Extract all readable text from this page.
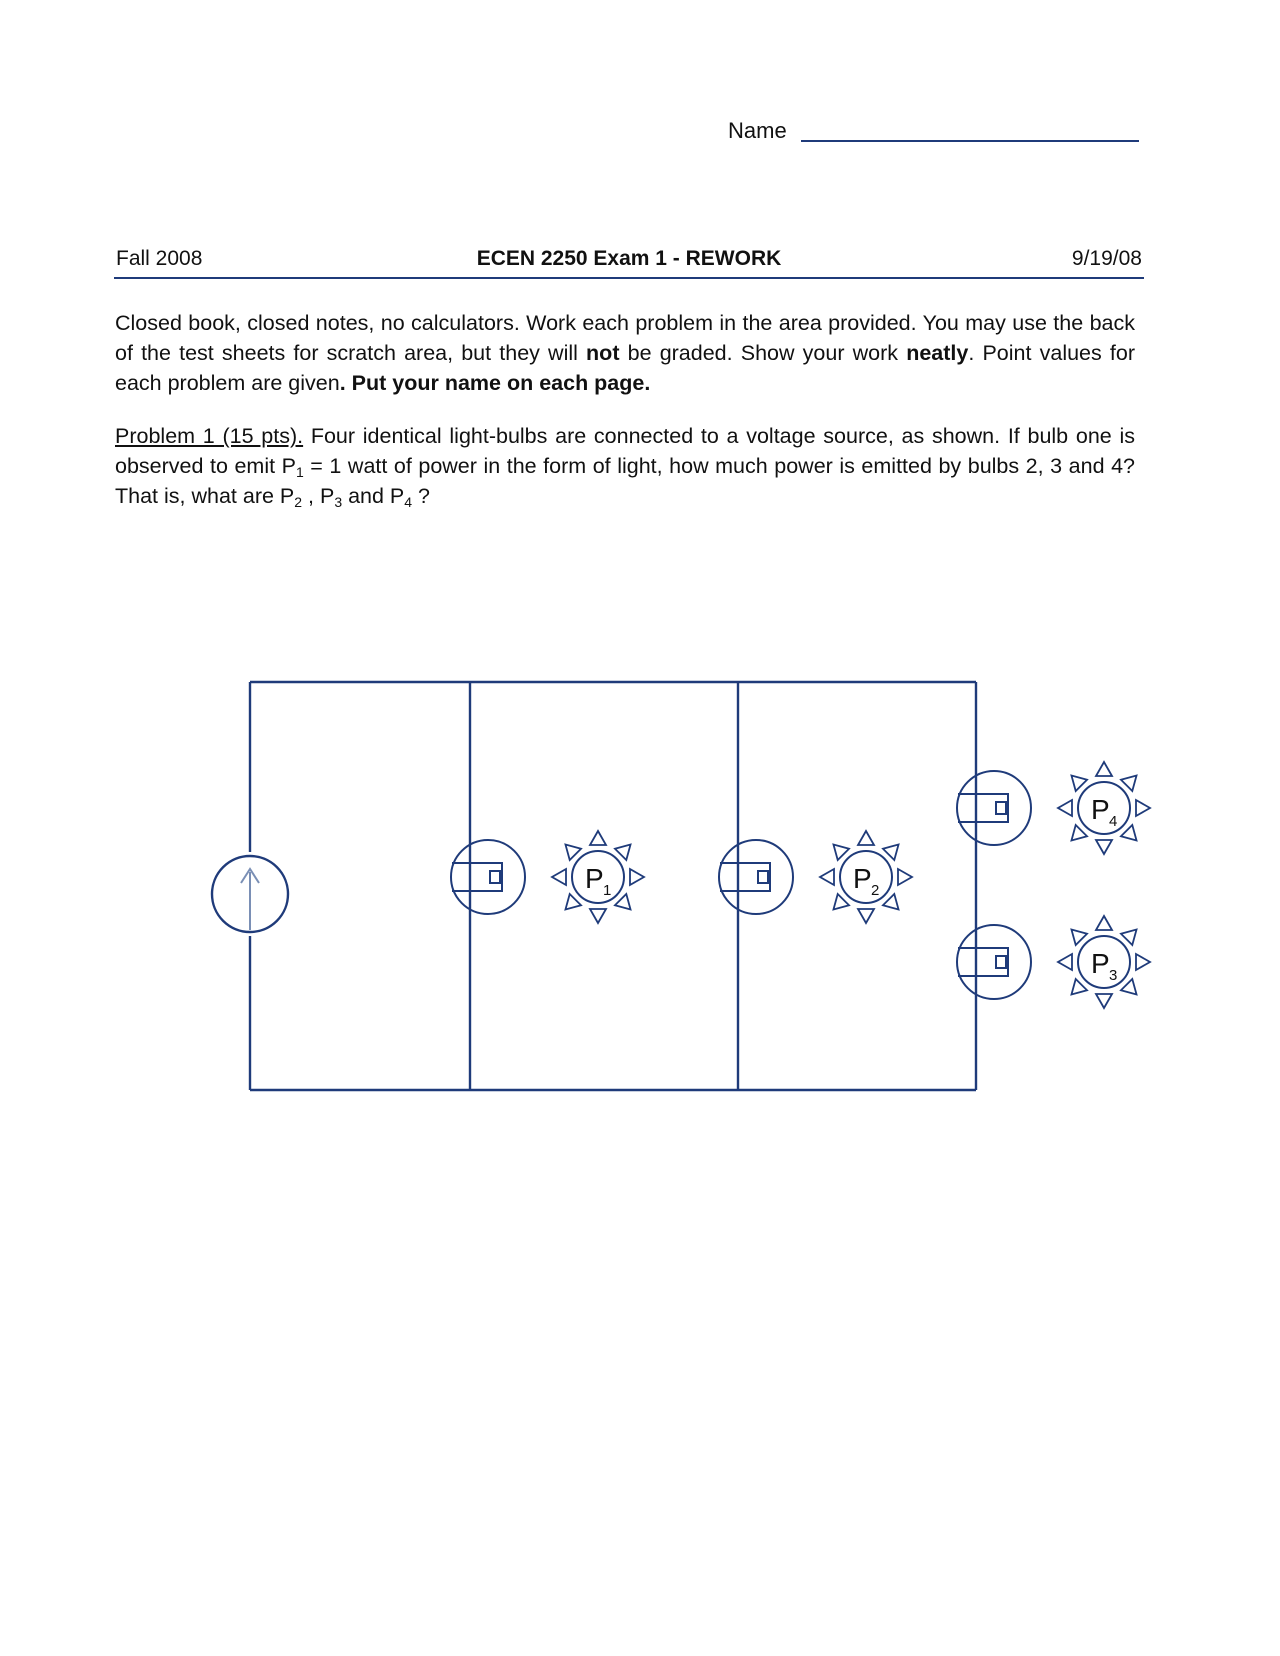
Name
Fall 2008	ECEN 2250 Exam 1 - REWORK	9/19/08
Closed book, closed notes, no calculators. Work each problem in the area provided. You may use the back of the test sheets for scratch area, but they will not be graded. Show your work neatly. Point values for each problem are given. Put your name on each page.
Problem 1 (15 pts). Four identical light-bulbs are connected to a voltage source, as shown. If bulb one is observed to emit $P_1 = 1$ watt of power in the form of light, how much power is emitted by bulbs 2, 3 and 4? That is, what are $P_2$ , $P_3$ and $P_4$ ?
P 1	P 2
P 4
P 3
